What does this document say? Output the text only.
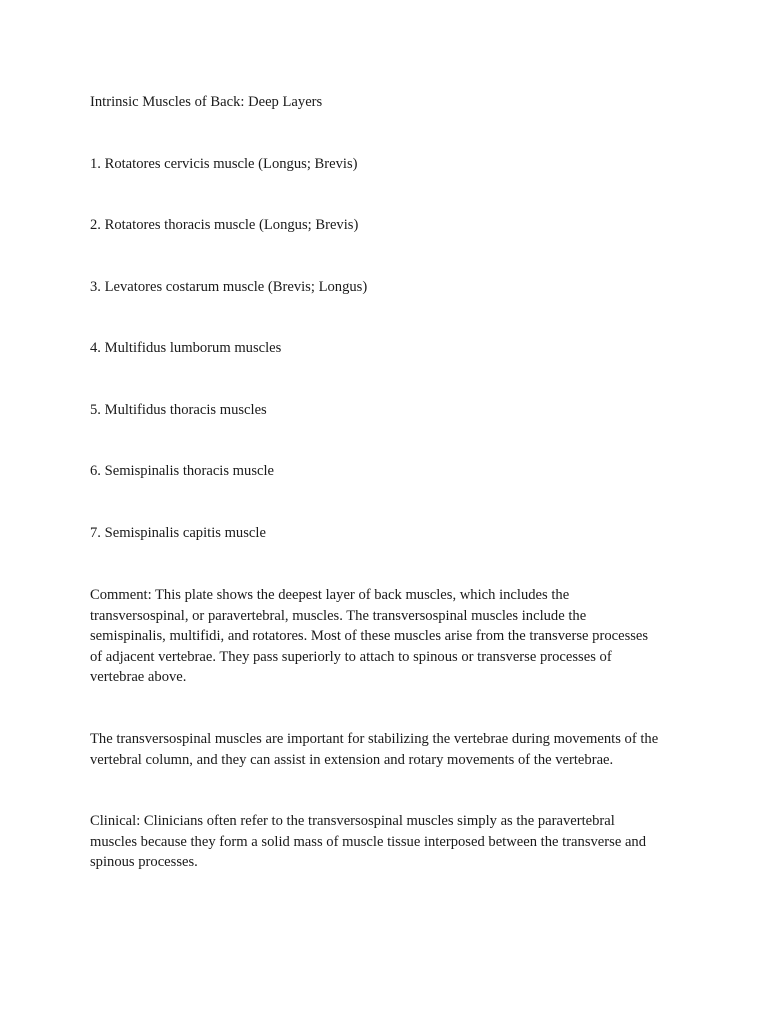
Intrinsic Muscles of Back: Deep Layers

1. Rotatores cervicis muscle (Longus; Brevis)

2. Rotatores thoracis muscle (Longus; Brevis)

3. Levatores costarum muscle (Brevis; Longus)

4. Multifidus lumborum muscles

5. Multifidus thoracis muscles

6. Semispinalis thoracis muscle

7. Semispinalis capitis muscle

Comment: This plate shows the deepest layer of back muscles, which includes the
transversospinal, or paravertebral, muscles. The transversospinal muscles include the
semispinalis, multifidi, and rotatores. Most of these muscles arise from the transverse processes
of adjacent vertebrae. They pass superiorly to attach to spinous or transverse processes of
vertebrae above.
The transversospinal muscles are important for stabilizing the vertebrae during movements of the
vertebral column, and they can assist in extension and rotary movements of the vertebrae.
Clinical: Clinicians often refer to the transversospinal muscles simply as the paravertebral
muscles because they form a solid mass of muscle tissue interposed between the transverse and
spinous processes.
